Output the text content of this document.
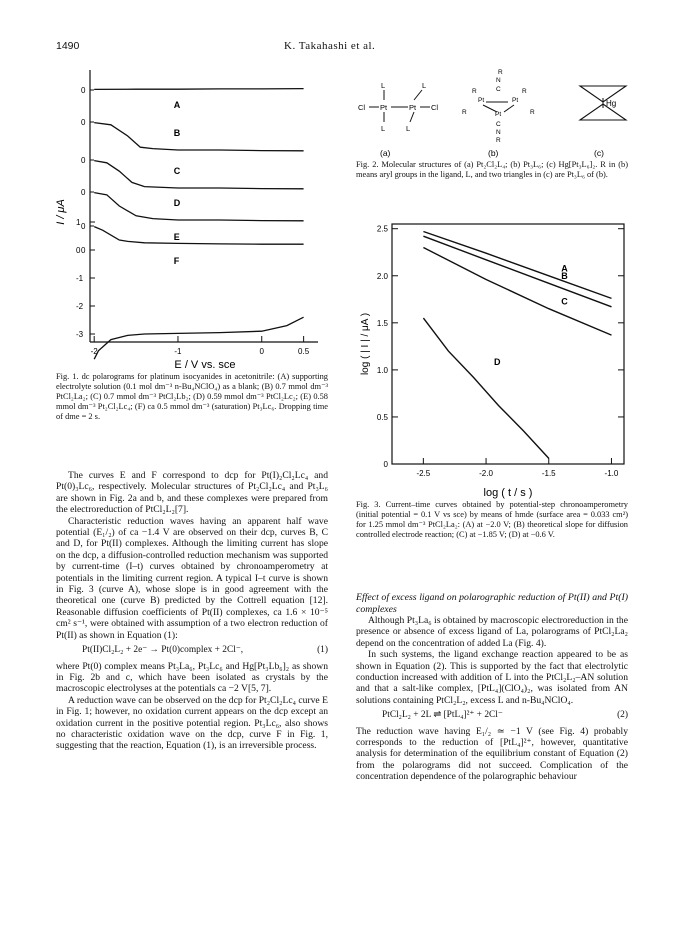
1490	K. Takahashi et al.
0
0
0
0
0
0
1
0
-1
-2
-3
-2	-1	0	0.5
A
B
C
D
E
F
I / μA
E / V vs. sce
Fig. 1. dc polarograms for platinum isocyanides in acetonitrile: (A) supporting electrolyte solution (0.1 mol dm⁻³ n-Bu₄NClO₄) as a blank; (B) 0.7 mmol dm⁻³ PtCl₂La₂; (C) 0.7 mmol dm⁻³ PtCl₂Lb₂; (D) 0.59 mmol dm⁻³ PtCl₂Lc₂; (E) 0.58 mmol dm⁻³ Pt₂Cl₂Lc₄; (F) ca 0.5 mmol dm⁻³ (saturation) Pt₃Lc₆. Dropping time of dme = 2 s.
Cl Pt	Pt Cl
L
L
L
L
R
N
C
R	R
Pt	Pt
Pt
C
N
R
R	R
Hg
(a)	(b)	(c)
Fig. 2. Molecular structures of (a) Pt₂Cl₂L₄; (b) Pt₃L₆; (c) Hg[Pt₃L₆]₂. R in (b) means aryl groups in the ligand, L, and two triangles in (c) are Pt₃L₆ of (b).
2.5
2.0
1.5
1.0
0.5
0
-2.5	-2.0	-1.5	-1.0
A
B
C
D
log ( | I | / μA )
log ( t / s )
Fig. 3. Current–time curves obtained by potential-step chronoamperometry (initial potential = 0.1 V vs sce) by means of hmde (surface area = 0.033 cm²) for 1.25 mmol dm⁻³ PtCl₂La₂: (A) at −2.0 V; (B) theoretical slope for diffusion controlled electrode reaction; (C) at −1.85 V; (D) at −0.6 V.

The curves E and F correspond to dcp for Pt(I)₂Cl₂Lc₄ and Pt(0)₃Lc₆, respectively. Molecular structures of Pt₂Cl₂Lc₄ and Pt₃L₆ are shown in Fig. 2a and b, and these complexes were prepared from the electroreduction of PtCl₂L₂[7].

Characteristic reduction waves having an apparent half wave potential (E₁/₂) of ca −1.4 V are observed on their dcp, curves B, C and D, for Pt(II) complexes. Although the limiting current has slope on the dcp, a diffusion-controlled reduction mechanism was supported by current-time (I–t) curves obtained by chronoamperometry at potentials in the limiting current region. A typical I–t curve is shown in Fig. 3 (curve A), whose slope is in good agreement with the theoretical one (curve B) predicted by the Cottrell equation [12]. Reasonable diffusion coefficients of Pt(II) complexes, ca 1.6 × 10⁻⁵ cm² s⁻¹, were obtained with assumption of a two electron reduction of Pt(II) as shown in Equation (1):

Pt(II)Cl₂L₂ + 2e⁻ → Pt(0)complex + 2Cl⁻,	(1)

where Pt(0) complex means Pt₃La₆, Pt₃Lc₆ and Hg[Pt₃Lb₆]₂ as shown in Fig. 2b and c, which have been isolated as crystals by the macroscopic electrolyses at the potentials ca −2 V[5, 7].

A reduction wave can be observed on the dcp for Pt₂Cl₂Lc₄ curve E in Fig. 1; however, no oxidation current appears on the dcp except an oxidation current in the positive potential region. Pt₃Lc₆, also shows no characteristic oxidation wave on the dcp, curve F in Fig. 1, suggesting that the reaction, Equation (1), is an irreversible process.

Effect of excess ligand on polarographic reduction of Pt(II) and Pt(I) complexes

Although Pt₃La₆ is obtained by macroscopic electroreduction in the presence or absence of excess ligand of La, polarograms of PtCl₂La₂ depend on the concentration of added La (Fig. 4).

In such systems, the ligand exchange reaction appeared to be as shown in Equation (2). This is supported by the fact that electrolytic conduction increased with addition of L into the PtCl₂L₂–AN solution and that a salt-like complex, [PtL₄](ClO₄)₂, was isolated from AN solutions containing PtCl₂L₂, excess L and n-Bu₄NClO₄.

PtCl₂L₂ + 2L ⇌ [PtL₄]²⁺ + 2Cl⁻	(2)

The reduction wave having E₁/₂ ≃ −1 V (see Fig. 4) probably corresponds to the reduction of [PtL₄]²⁺, however, quantitative analysis for determination of the equilibrium constant of Equation (2) from the polarograms did not succeed. Complication of the concentration dependence of the polarographic behaviour
